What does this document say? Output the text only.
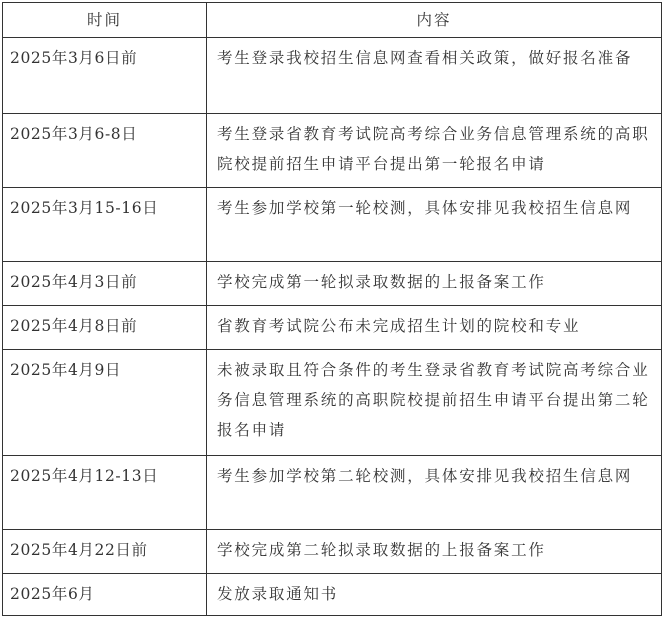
时间	内容
2025年3月6日前	考生登录我校招生信息网查看相关政策，做好报名准备
2025年3月6-8日	考生登录省教育考试院高考综合业务信息管理系统的高职院校提前招生申请平台提出第一轮报名申请
2025年3月15-16日	考生参加学校第一轮校测，具体安排见我校招生信息网
2025年4月3日前	学校完成第一轮拟录取数据的上报备案工作
2025年4月8日前	省教育考试院公布未完成招生计划的院校和专业
2025年4月9日	未被录取且符合条件的考生登录省教育考试院高考综合业务信息管理系统的高职院校提前招生申请平台提出第二轮报名申请
2025年4月12-13日	考生参加学校第二轮校测，具体安排见我校招生信息网
2025年4月22日前	学校完成第二轮拟录取数据的上报备案工作
2025年6月	发放录取通知书
